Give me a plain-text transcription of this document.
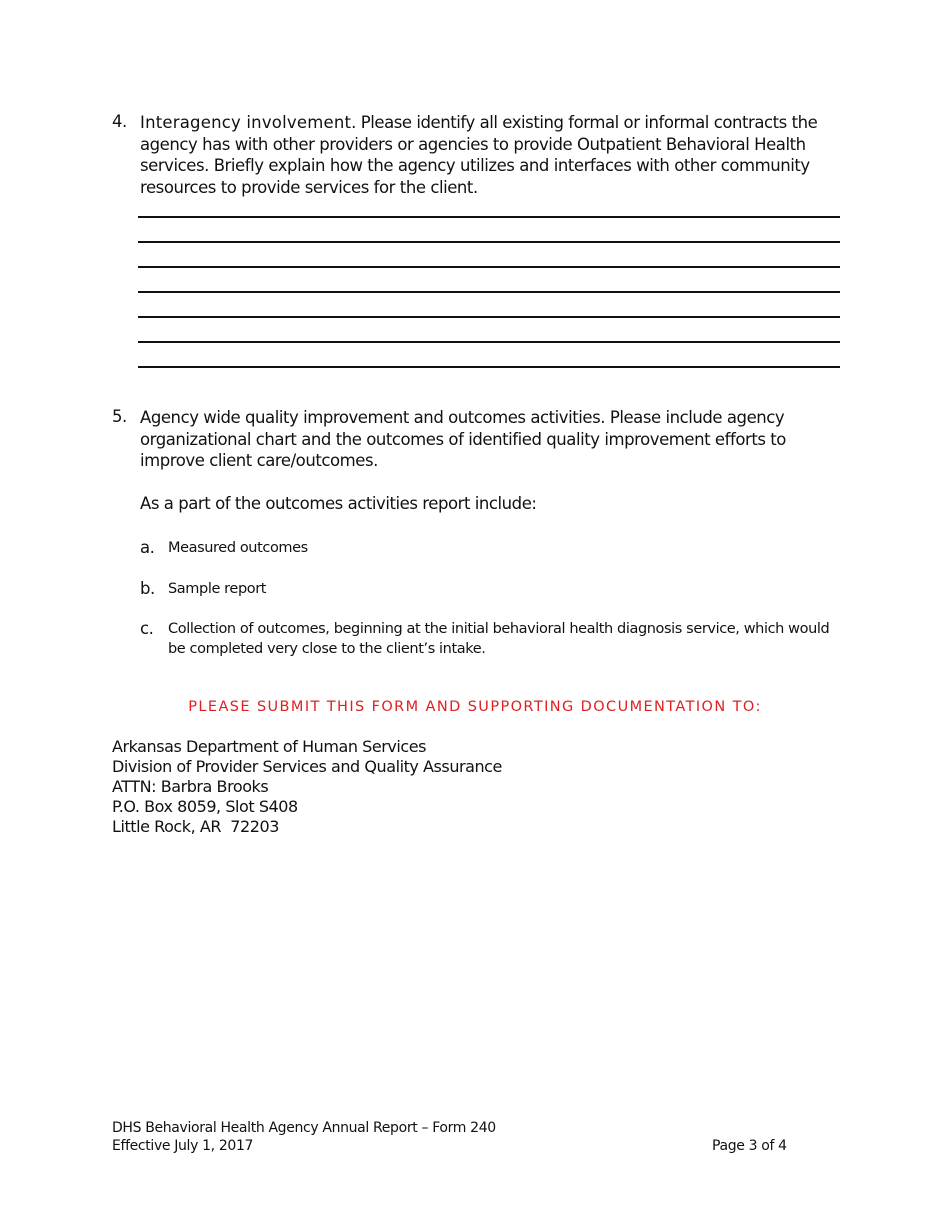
4. Interagency involvement. Please identify all existing formal or informal contracts the agency has with other providers or agencies to provide Outpatient Behavioral Health services. Briefly explain how the agency utilizes and interfaces with other community resources to provide services for the client.

5. Agency wide quality improvement and outcomes activities. Please include agency organizational chart and the outcomes of identified quality improvement efforts to improve client care/outcomes.

As a part of the outcomes activities report include:

a. Measured outcomes

b. Sample report

c. Collection of outcomes, beginning at the initial behavioral health diagnosis service, which would be completed very close to the client’s intake.

PLEASE SUBMIT THIS FORM AND SUPPORTING DOCUMENTATION TO:
Arkansas Department of Human Services
Division of Provider Services and Quality Assurance
ATTN: Barbra Brooks
P.O. Box 8059, Slot S408
Little Rock, AR  72203
DHS Behavioral Health Agency Annual Report – Form 240
Effective July 1, 2017	Page 3 of 4
